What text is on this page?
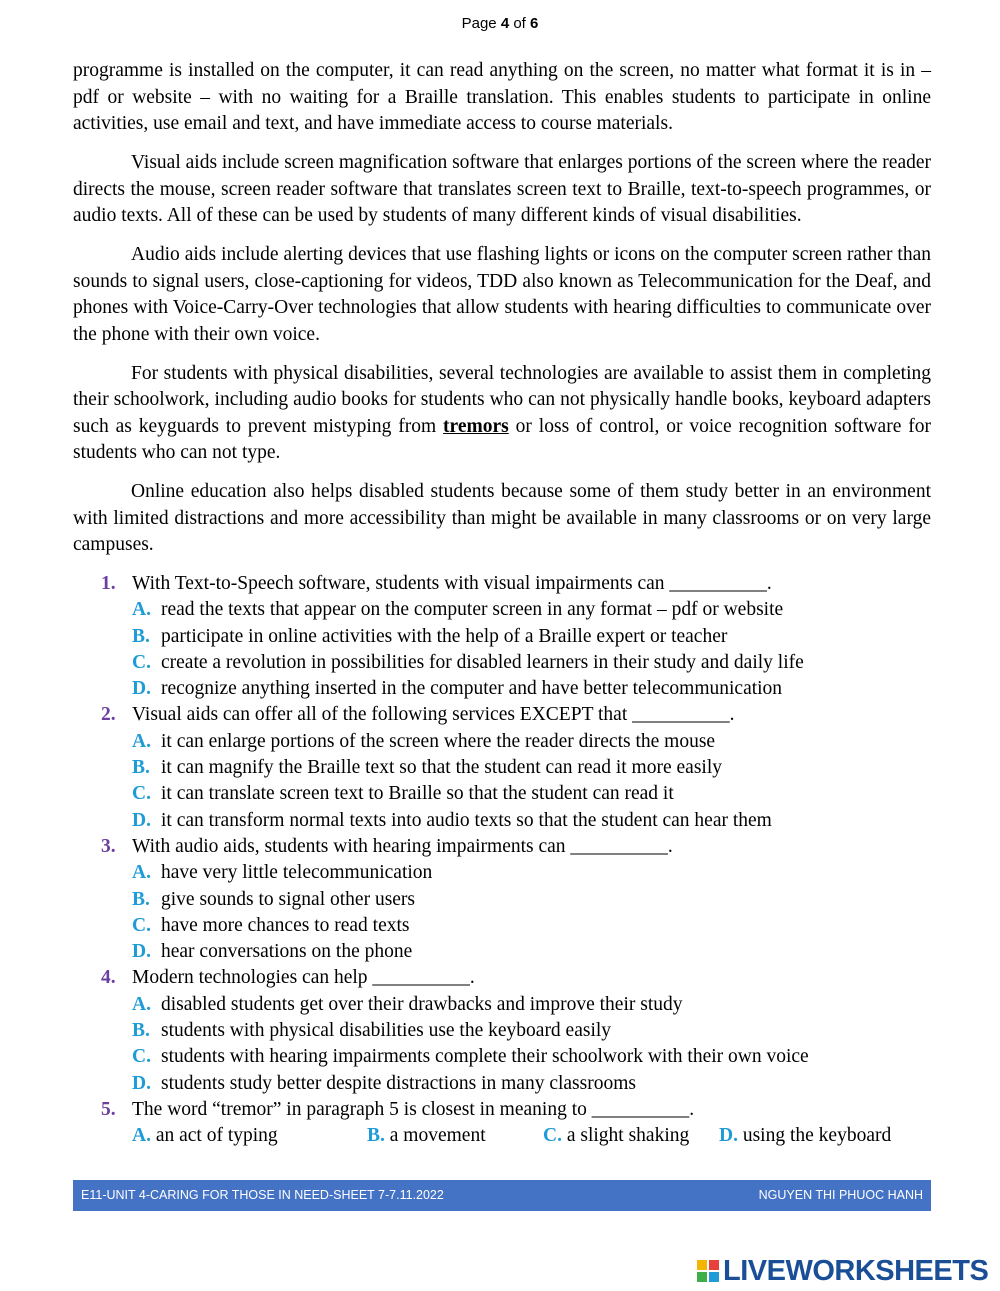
Page 4 of 6

programme is installed on the computer, it can read anything on the screen, no matter what format it is in – pdf or website – with no waiting for a Braille translation. This enables students to participate in online activities, use email and text, and have immediate access to course materials.

Visual aids include screen magnification software that enlarges portions of the screen where the reader directs the mouse, screen reader software that translates screen text to Braille, text-to-speech programmes, or audio texts. All of these can be used by students of many different kinds of visual disabilities.

Audio aids include alerting devices that use flashing lights or icons on the computer screen rather than sounds to signal users, close-captioning for videos, TDD also known as Telecommunication for the Deaf, and phones with Voice-Carry-Over technologies that allow students with hearing difficulties to communicate over the phone with their own voice.

For students with physical disabilities, several technologies are available to assist them in completing their schoolwork, including audio books for students who can not physically handle books, keyboard adapters such as keyguards to prevent mistyping from tremors or loss of control, or voice recognition software for students who can not type.

Online education also helps disabled students because some of them study better in an environment with limited distractions and more accessibility than might be available in many classrooms or on very large campuses.

1. With Text-to-Speech software, students with visual impairments can __________.
A. read the texts that appear on the computer screen in any format – pdf or website
B. participate in online activities with the help of a Braille expert or teacher
C. create a revolution in possibilities for disabled learners in their study and daily life
D. recognize anything inserted in the computer and have better telecommunication
2. Visual aids can offer all of the following services EXCEPT that __________.
A. it can enlarge portions of the screen where the reader directs the mouse
B. it can magnify the Braille text so that the student can read it more easily
C. it can translate screen text to Braille so that the student can read it
D. it can transform normal texts into audio texts so that the student can hear them
3. With audio aids, students with hearing impairments can __________.
A. have very little telecommunication
B. give sounds to signal other users
C. have more chances to read texts
D. hear conversations on the phone
4. Modern technologies can help __________.
A. disabled students get over their drawbacks and improve their study
B. students with physical disabilities use the keyboard easily
C. students with hearing impairments complete their schoolwork with their own voice
D. students study better despite distractions in many classrooms
5. The word “tremor” in paragraph 5 is closest in meaning to __________.
A. an act of typing	B. a movement	C. a slight shaking D. using the keyboard
E11-UNIT 4-CARING FOR THOSE IN NEED-SHEET 7-7.11.2022	NGUYEN THI PHUOC HANH
LIVEWORKSHEETS
